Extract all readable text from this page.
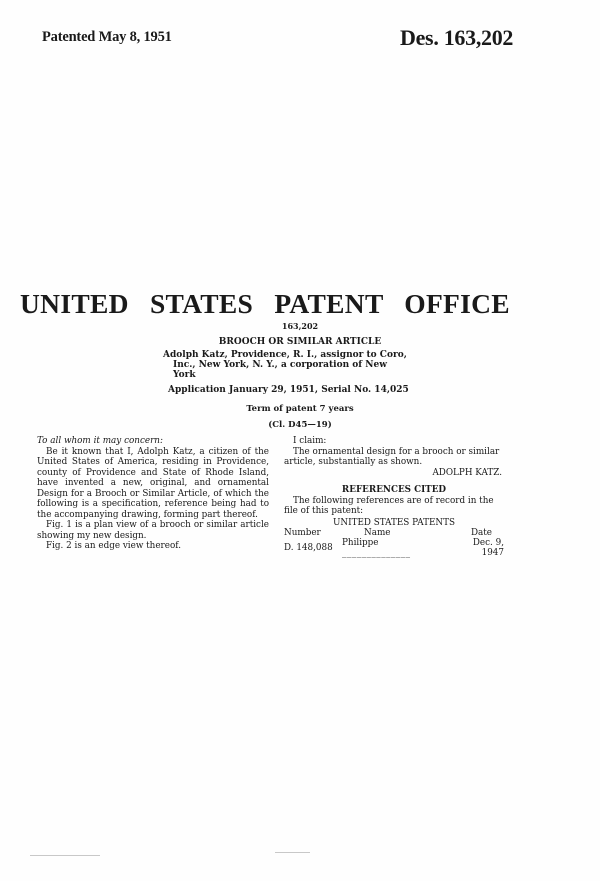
Patented May 8, 1951	Des. 163,202
UNITED STATES PATENT OFFICE
163,202
BROOCH OR SIMILAR ARTICLE
Adolph Katz, Providence, R. I., assignor to Coro,
Inc., New York, N. Y., a corporation of New
York
Application January 29, 1951, Serial No. 14,025
Term of patent 7 years
(Cl. D45—19)

To all whom it may concern:

Be it known that I, Adolph Katz, a citizen of the United States of America, residing in Providence, county of Providence and State of Rhode Island, have invented a new, original, and ornamental Design for a Brooch or Similar Article, of which the following is a specification, reference being had to the accompanying drawing, forming part thereof.

Fig. 1 is a plan view of a brooch or similar article showing my new design.

Fig. 2 is an edge view thereof.

I claim:

The ornamental design for a brooch or similar article, substantially as shown.

ADOLPH KATZ.

REFERENCES CITED

The following references are of record in the file of this patent:

UNITED STATES PATENTS

Number	Name	Date
D. 148,088	Philippe ______________	Dec. 9, 1947
